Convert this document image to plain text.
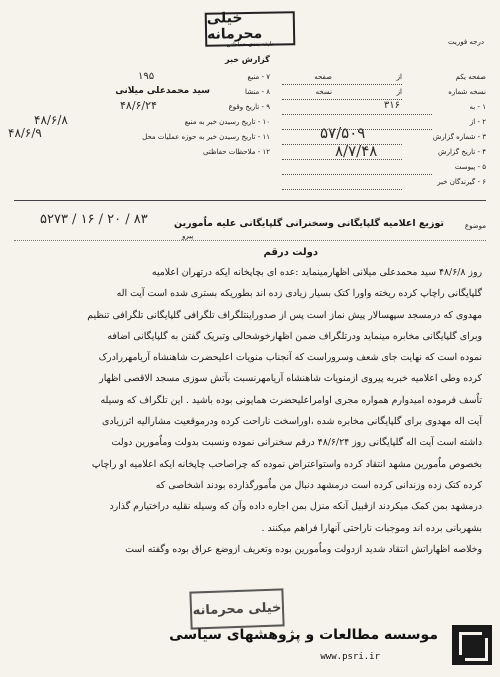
خیلی محرمانه
طبقه بندی حفاظتی	درجه فوریت
گزارش خبر
صفحه یکم
از
صفحه
نسخه شماره
از
نسخه
۱ - به
۳۱۶
۲ - از
۳ - شماره گزارش
۵۷/۵۰۹
۴ - تاریخ گزارش
۸/۷/۴۸
۵ - پیوست
۶ - گیرندگان خبر
۷ - منبع
۱۹۵
۸ - منشا
سید محمدعلی میلانی
۹ - تاریخ وقوع
۴۸/۶/۲۴
۱۰ - تاریخ رسیدن خبر به منبع
۴۸/۶/۸
۱۱ - تاریخ رسیدن خبر به حوزه عملیات محل
۴۸/۶/۹
۱۲ - ملاحظات حفاظتی
موضوع
توزیع اعلامیه گلپایگانی وسخنرانی گلپایگانی علیه ماٌمورین
۵۲۷۳ / ۱۶ / ۲۰ / ۸۳
پیرو
دولت درقم

روز ۴۸/۶/۸ سید محمدعلی میلانی اظهارمینماید :عده ای بچاپخانه ایکه درتهران اعلامیه

گلپایگانی راچاپ کرده ریخته واورا کتک بسیار زیادی زده اند بطوریکه بستری شده است آیت اله

مهدوی که درمسجد سپهسالار پیش نماز است پس از صدوراینتلگراف تلگرافی گلپایگانی تلگرافی تنظیم

وبرای گلپایگانی مخابره مینماید ودرتلگراف ضمن اظهارخوشحالی وتبریک گفتن به گلپایگانی اضافه

نموده است که نهایت جای شعف وسروراست که آنجناب منویات اعلیحضرت شاهنشاه آریامهررادرک

کرده وطی اعلامیه خبربه پیروی ازمنویات شاهنشاه آریامهرنسبت بآتش سوزی مسجد الاقصی اظهار

تاٌسف فرموده امیدوارم همواره مجری اوامراعلیحضرت همایونی بوده باشید . این تلگراف که وسیله

آیت اله مهدوی برای گلپایگانی مخابره شده ،اوراسخت ناراحت کرده ودرموقعیت مشارالیه اثرزیادی

داشته است آیت اله گلپایگانی روز ۴۸/۶/۲۴ درقم سخنرانی نموده ونسبت بدولت وماٌمورین دولت

بخصوص ماٌمورین مشهد انتقاد کرده واستواعتراض نموده که چراصاحب چاپخانه ایکه اعلامیه او راچاپ

کرده کتک زده وزندانی کرده است درمشهد دنبال من ماٌمورگذارده بودند اشخاصی که

درمشهد بمن کمک میکردند ازقبیل آنکه منزل بمن اجاره داده وآن که وسیله نقلیه دراختیارم گذارد

بشهربانی برده اند وموجبات ناراحتی آنهارا فراهم میکنند .

وخلاصه اظهاراتش انتقاد شدید ازدولت وماٌمورین بوده وتعریف ازوضع عراق بوده وگفته است

خیلی محرمانه
موسسه مطالعات و پژوهشهای سیاسی
www.psri.ir
